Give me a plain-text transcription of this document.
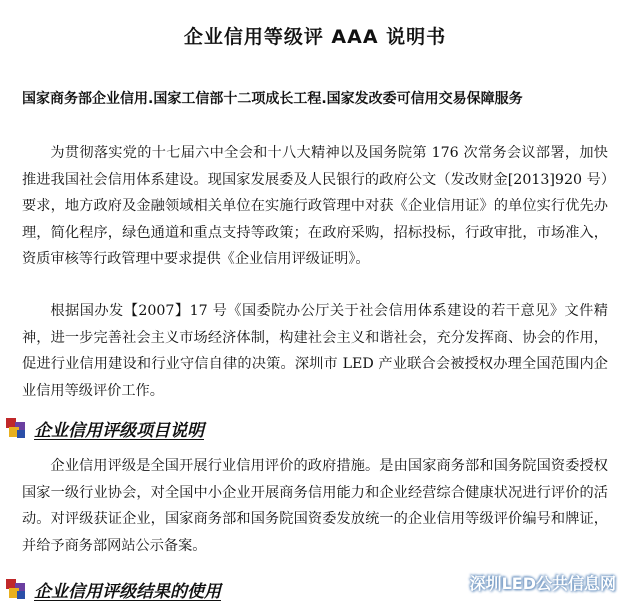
企业信用等级评 AAA 说明书
国家商务部企业信用.国家工信部十二项成长工程.国家发改委可信用交易保障服务

为贯彻落实党的十七届六中全会和十八大精神以及国务院第 176 次常务会议部署，加快推进我国社会信用体系建设。现国家发展委及人民银行的政府公文（发改财金[2013]920 号）要求，地方政府及金融领域相关单位在实施行政管理中对获《企业信用证》的单位实行优先办理，简化程序，绿色通道和重点支持等政策；在政府采购，招标投标，行政审批，市场准入，资质审核等行政管理中要求提供《企业信用评级证明》。

根据国办发【2007】17 号《国委院办公厅关于社会信用体系建设的若干意见》文件精神，进一步完善社会主义市场经济体制，构建社会主义和谐社会，充分发挥商、协会的作用，促进行业信用建设和行业守信自律的决策。深圳市 LED 产业联合会被授权办理全国范围内企业信用等级评价工作。

企业信用评级项目说明

企业信用评级是全国开展行业信用评价的政府措施。是由国家商务部和国务院国资委授权国家一级行业协会，对全国中小企业开展商务信用能力和企业经营综合健康状况进行评价的活动。对评级获证企业，国家商务部和国务院国资委发放统一的企业信用等级评价编号和牌证，并给予商务部网站公示备案。

企业信用评级结果的使用	深圳LED公共信息网
